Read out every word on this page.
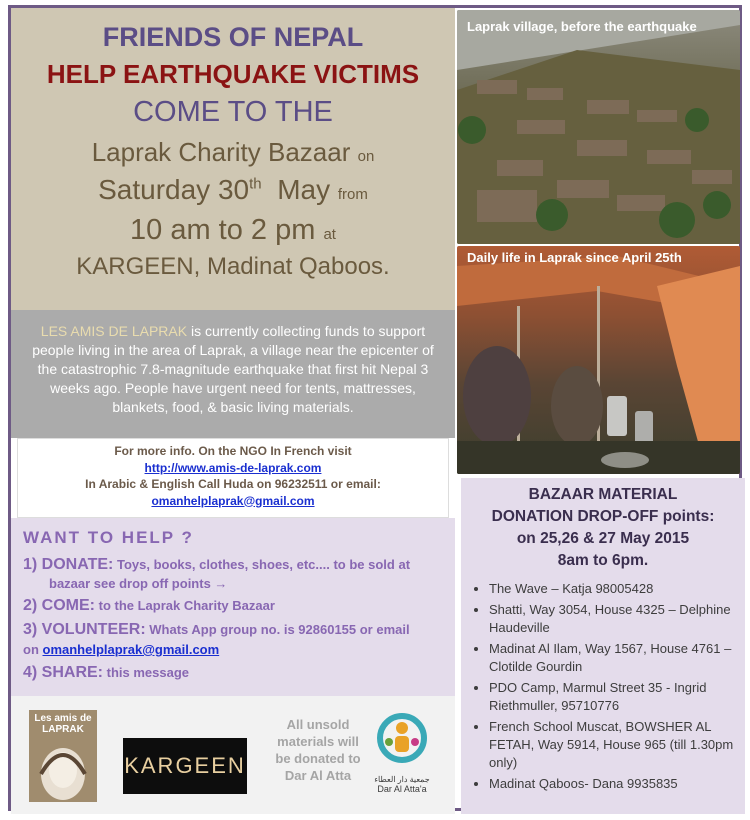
FRIENDS OF NEPAL
HELP EARTHQUAKE VICTIMS
COME TO THE
Laprak Charity Bazaar on
Saturday 30th May from
10 am to 2 pm at
KARGEEN, Madinat Qaboos.
Laprak village, before the earthquake
Daily life in Laprak since April 25th
LES AMIS DE LAPRAK is currently collecting funds to support people living in the area of Laprak, a village near the epicenter of the catastrophic 7.8-magnitude earthquake that first hit Nepal 3 weeks ago. People have urgent need for tents, mattresses, blankets, food, & basic living materials.
For more info. On the NGO In French visit
http://www.amis-de-laprak.com
In Arabic & English Call Huda on 96232511 or email:
omanhelplaprak@gmail.com
WANT TO HELP ?
1) DONATE: Toys, books, clothes, shoes, etc.... to be sold at
bazaar see drop off points →
2) COME: to the Laprak Charity Bazaar
3) VOLUNTEER: Whats App group no. is 92860155 or email
on omanhelplaprak@gmail.com
4) SHARE: this message
Les amis de LAPRAK
KARGEEN
All unsold materials will be donated to Dar Al Atta	جمعية دار العطاء
Dar Al Atta'a
BAZAAR MATERIAL
DONATION DROP-OFF points:
on 25,26 & 27 May 2015
8am to 6pm.
• The Wave – Katja 98005428
• Shatti, Way 3054, House 4325 – Delphine Haudeville
• Madinat Al Ilam, Way 1567, House 4761 – Clotilde Gourdin
• PDO Camp, Marmul Street 35 - Ingrid Riethmuller, 95710776
• French School Muscat, BOWSHER AL FETAH, Way 5914, House 965 (till 1.30pm only)
• Madinat Qaboos- Dana 9935835
